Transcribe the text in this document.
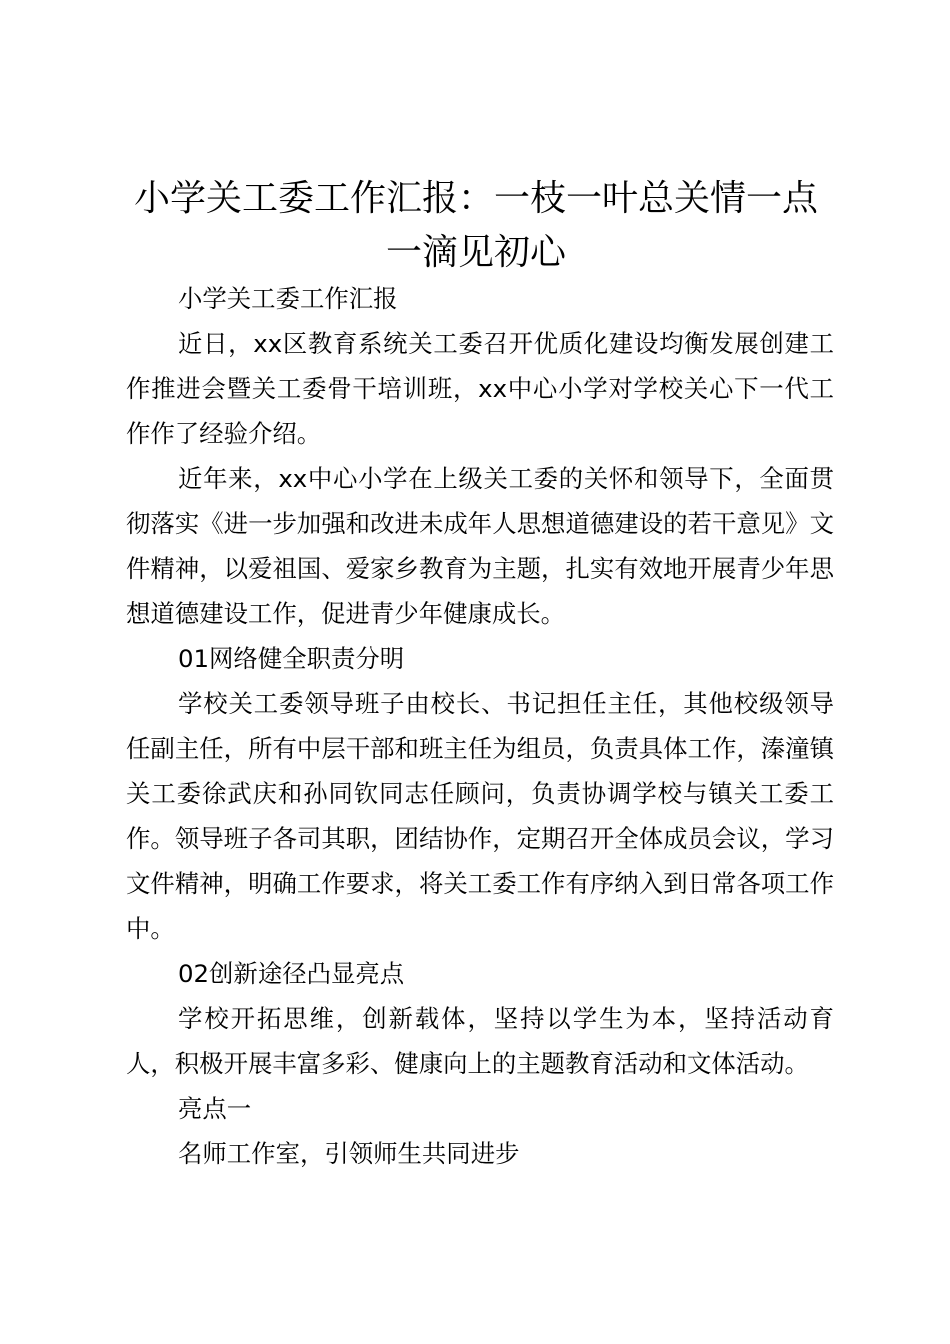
小学关工委工作汇报：一枝一叶总关情一点一滴见初心

小学关工委工作汇报

近日，xx区教育系统关工委召开优质化建设均衡发展创建工作推进会暨关工委骨干培训班，xx中心小学对学校关心下一代工作作了经验介绍。

近年来，xx中心小学在上级关工委的关怀和领导下，全面贯彻落实《进一步加强和改进未成年人思想道德建设的若干意见》文件精神，以爱祖国、爱家乡教育为主题，扎实有效地开展青少年思想道德建设工作，促进青少年健康成长。

01网络健全职责分明

学校关工委领导班子由校长、书记担任主任，其他校级领导任副主任，所有中层干部和班主任为组员，负责具体工作，溱潼镇关工委徐武庆和孙同钦同志任顾问，负责协调学校与镇关工委工作。领导班子各司其职，团结协作，定期召开全体成员会议，学习文件精神，明确工作要求，将关工委工作有序纳入到日常各项工作中。

02创新途径凸显亮点

学校开拓思维，创新载体，坚持以学生为本，坚持活动育人，积极开展丰富多彩、健康向上的主题教育活动和文体活动。

亮点一

名师工作室，引领师生共同进步
